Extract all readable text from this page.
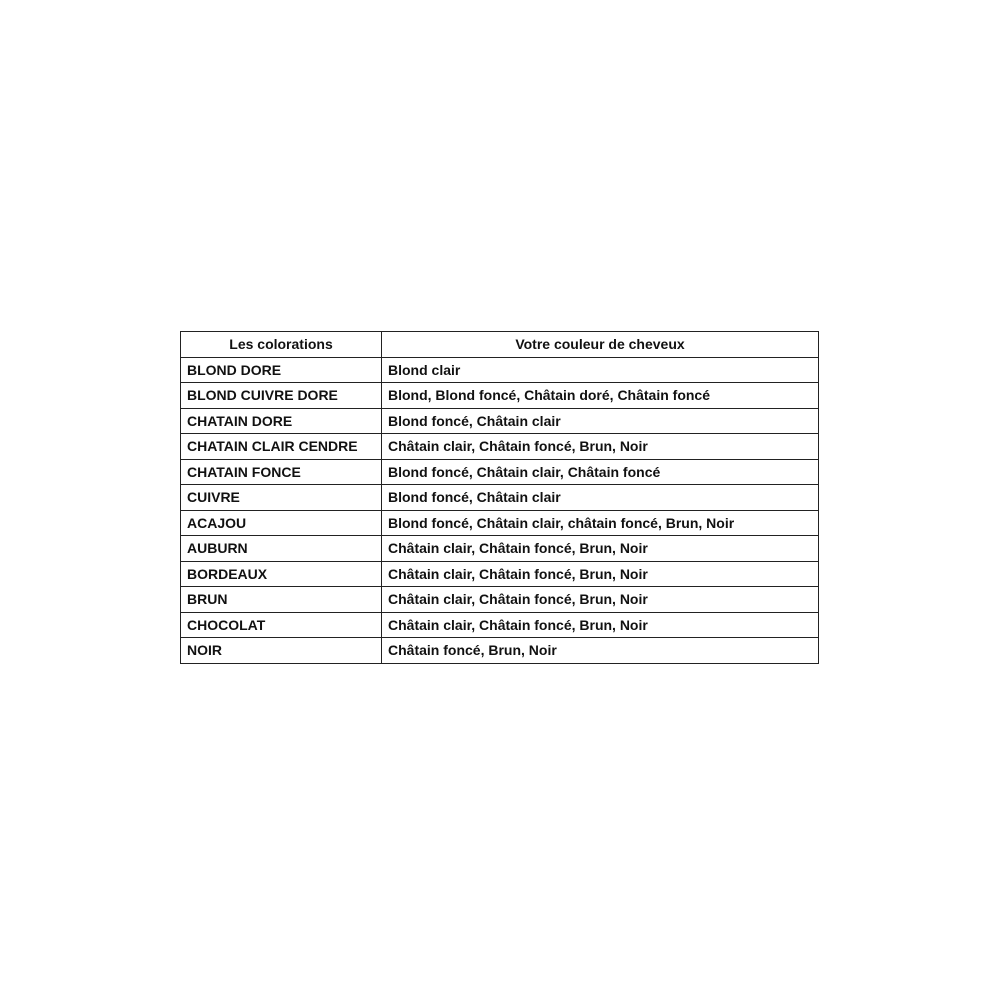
Les colorations	Votre couleur de cheveux
BLOND DORE	Blond clair
BLOND CUIVRE DORE	Blond, Blond foncé, Châtain doré, Châtain foncé
CHATAIN DORE	Blond foncé, Châtain clair
CHATAIN CLAIR CENDRE	Châtain clair, Châtain foncé, Brun, Noir
CHATAIN FONCE	Blond foncé, Châtain clair, Châtain foncé
CUIVRE	Blond foncé, Châtain clair
ACAJOU	Blond foncé, Châtain clair, châtain foncé, Brun, Noir
AUBURN	Châtain clair, Châtain foncé, Brun, Noir
BORDEAUX	Châtain clair, Châtain foncé, Brun, Noir
BRUN	Châtain clair, Châtain foncé, Brun, Noir
CHOCOLAT	Châtain clair, Châtain foncé, Brun, Noir
NOIR	Châtain foncé, Brun, Noir
